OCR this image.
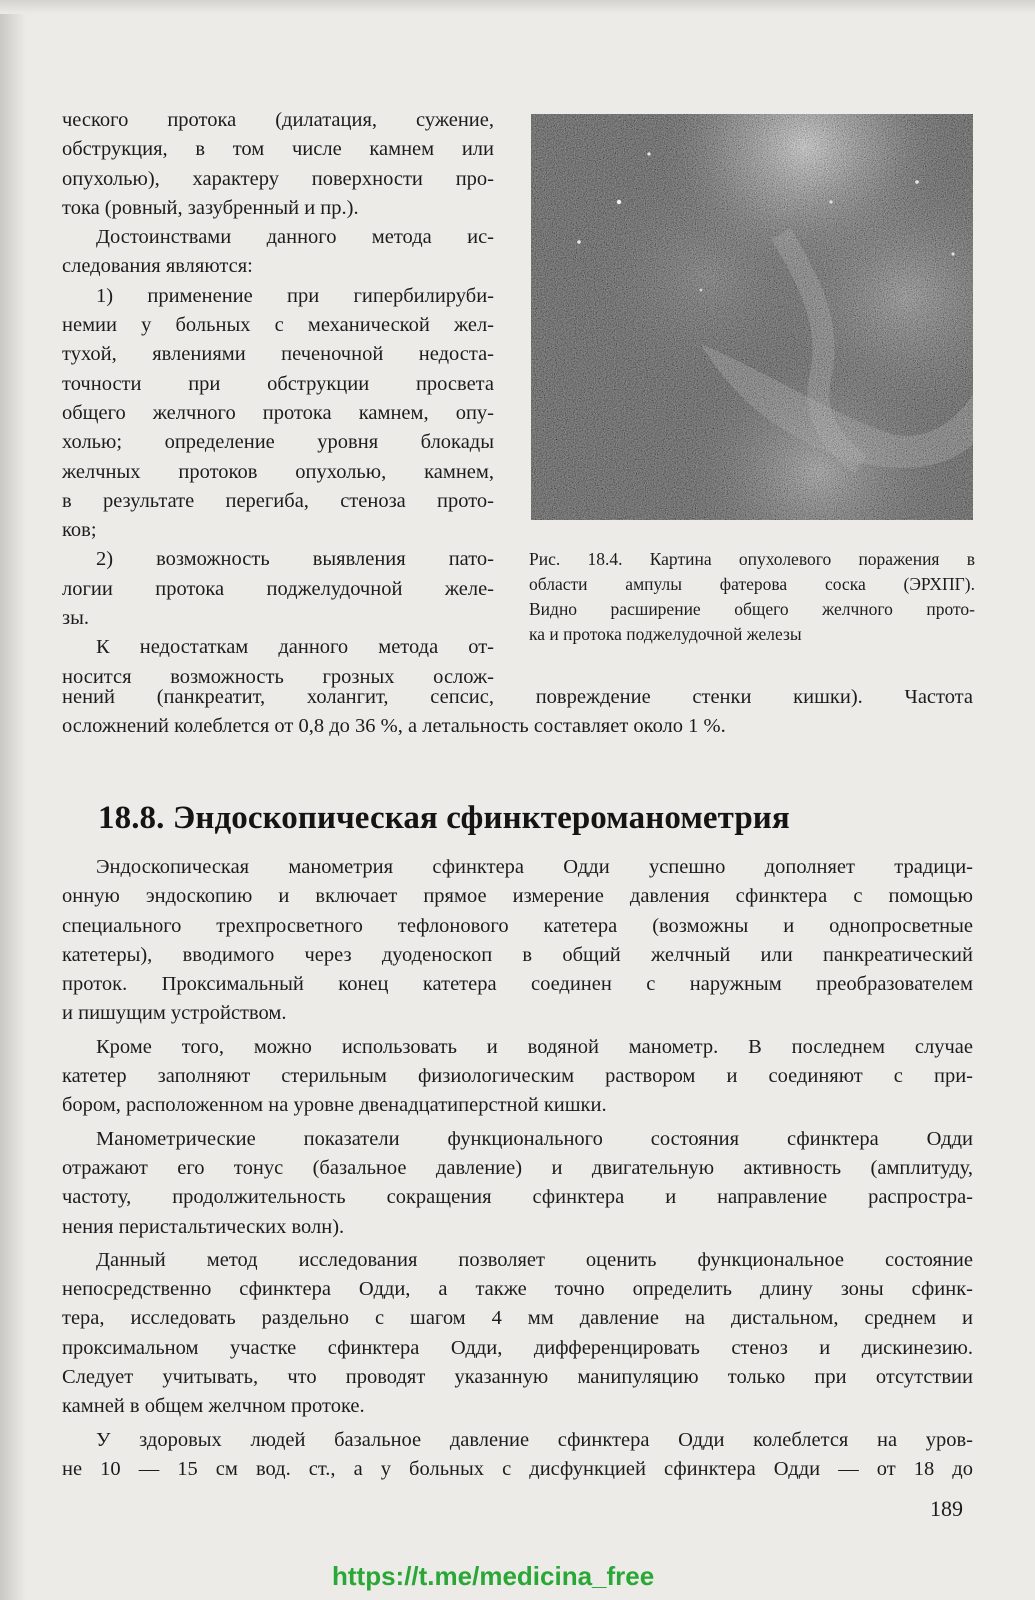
ческого протока (дилатация, сужение,

обструкция, в том числе камнем или

опухолью), характеру поверхности про-

тока (ровный, зазубренный и пр.).

Достоинствами данного метода ис-

следования являются:

1) применение при гипербилируби-

немии у больных с механической жел-

тухой, явлениями печеночной недоста-

точности при обструкции просвета

общего желчного протока камнем, опу-

холью; определение уровня блокады

желчных протоков опухолью, камнем,

в результате перегиба, стеноза прото-

ков;

2) возможность выявления пато-

логии протока поджелудочной желе-

зы.

К недостаткам данного метода от-

носится возможность грозных ослож-

Рис. 18.4. Картина опухолевого поражения в

области ампулы фатерова соска (ЭРХПГ).

Видно расширение общего желчного прото-

ка и протока поджелудочной железы

нений (панкреатит, холангит, сепсис, повреждение стенки кишки). Частота

осложнений колеблется от 0,8 до 36 %, а летальность составляет около 1 %.

18.8. Эндоскопическая сфинктероманометрия

Эндоскопическая манометрия сфинктера Одди успешно дополняет традици-

онную эндоскопию и включает прямое измерение давления сфинктера с помощью

специального трехпросветного тефлонового катетера (возможны и однопросветные

катетеры), вводимого через дуоденоскоп в общий желчный или панкреатический

проток. Проксимальный конец катетера соединен с наружным преобразователем

и пишущим устройством.

Кроме того, можно использовать и водяной манометр. В последнем случае

катетер заполняют стерильным физиологическим раствором и соединяют с при-

бором, расположенном на уровне двенадцатиперстной кишки.

Манометрические показатели функционального состояния сфинктера Одди

отражают его тонус (базальное давление) и двигательную активность (амплитуду,

частоту, продолжительность сокращения сфинктера и направление распростра-

нения перистальтических волн).

Данный метод исследования позволяет оценить функциональное состояние

непосредственно сфинктера Одди, а также точно определить длину зоны сфинк-

тера, исследовать раздельно с шагом 4 мм давление на дистальном, среднем и

проксимальном участке сфинктера Одди, дифференцировать стеноз и дискинезию.

Следует учитывать, что проводят указанную манипуляцию только при отсутствии

камней в общем желчном протоке.

У здоровых людей базальное давление сфинктера Одди колеблется на уров-

не 10 — 15 см вод. ст., а у больных с дисфункцией сфинктера Одди — от 18 до

189
https://t.me/medicina_free
